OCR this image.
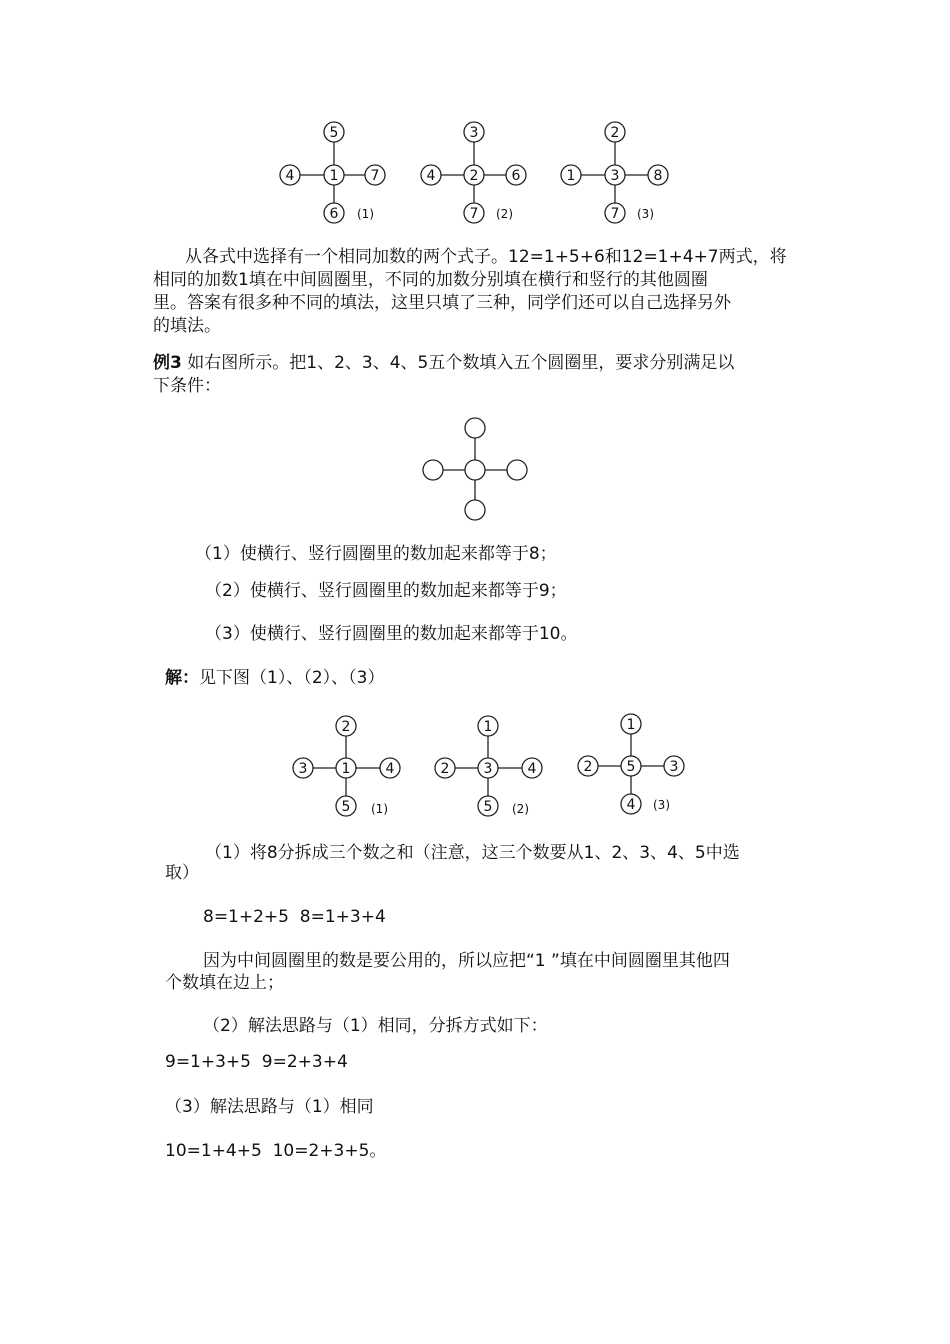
5
4	1 7
6 (1)
3
4 2 6
7 (2)
2
1	3 8
7 (3)
从各式中选择有一个相同加数的两个式子。12=1+5+6和12=1+4+7两式，将
相同的加数1填在中间圆圈里，不同的加数分别填在横行和竖行的其他圆圈
里。答案有很多种不同的填法，这里只填了三种，同学们还可以自己选择另外
的填法。
例3 如右图所示。把1、2、3、4、5五个数填入五个圆圈里，要求分别满足以
下条件：
（1）使横行、竖行圆圈里的数加起来都等于8；
（2）使横行、竖行圆圈里的数加起来都等于9；
（3）使横行、竖行圆圈里的数加起来都等于10。
解：见下图（1）、（2）、（3）
2
3 1	4
5 (1)
1
2 3	4
5 (2)
1
2 5 3
4 (3)
（1）将8分拆成三个数之和（注意，这三个数要从1、2、3、4、5中选
取）
8=1+2+5  8=1+3+4
因为中间圆圈里的数是要公用的，所以应把“1 ”填在中间圆圈里其他四
个数填在边上；
（2）解法思路与（1）相同，分拆方式如下：
9=1+3+5  9=2+3+4
（3）解法思路与（1）相同
10=1+4+5  10=2+3+5。
